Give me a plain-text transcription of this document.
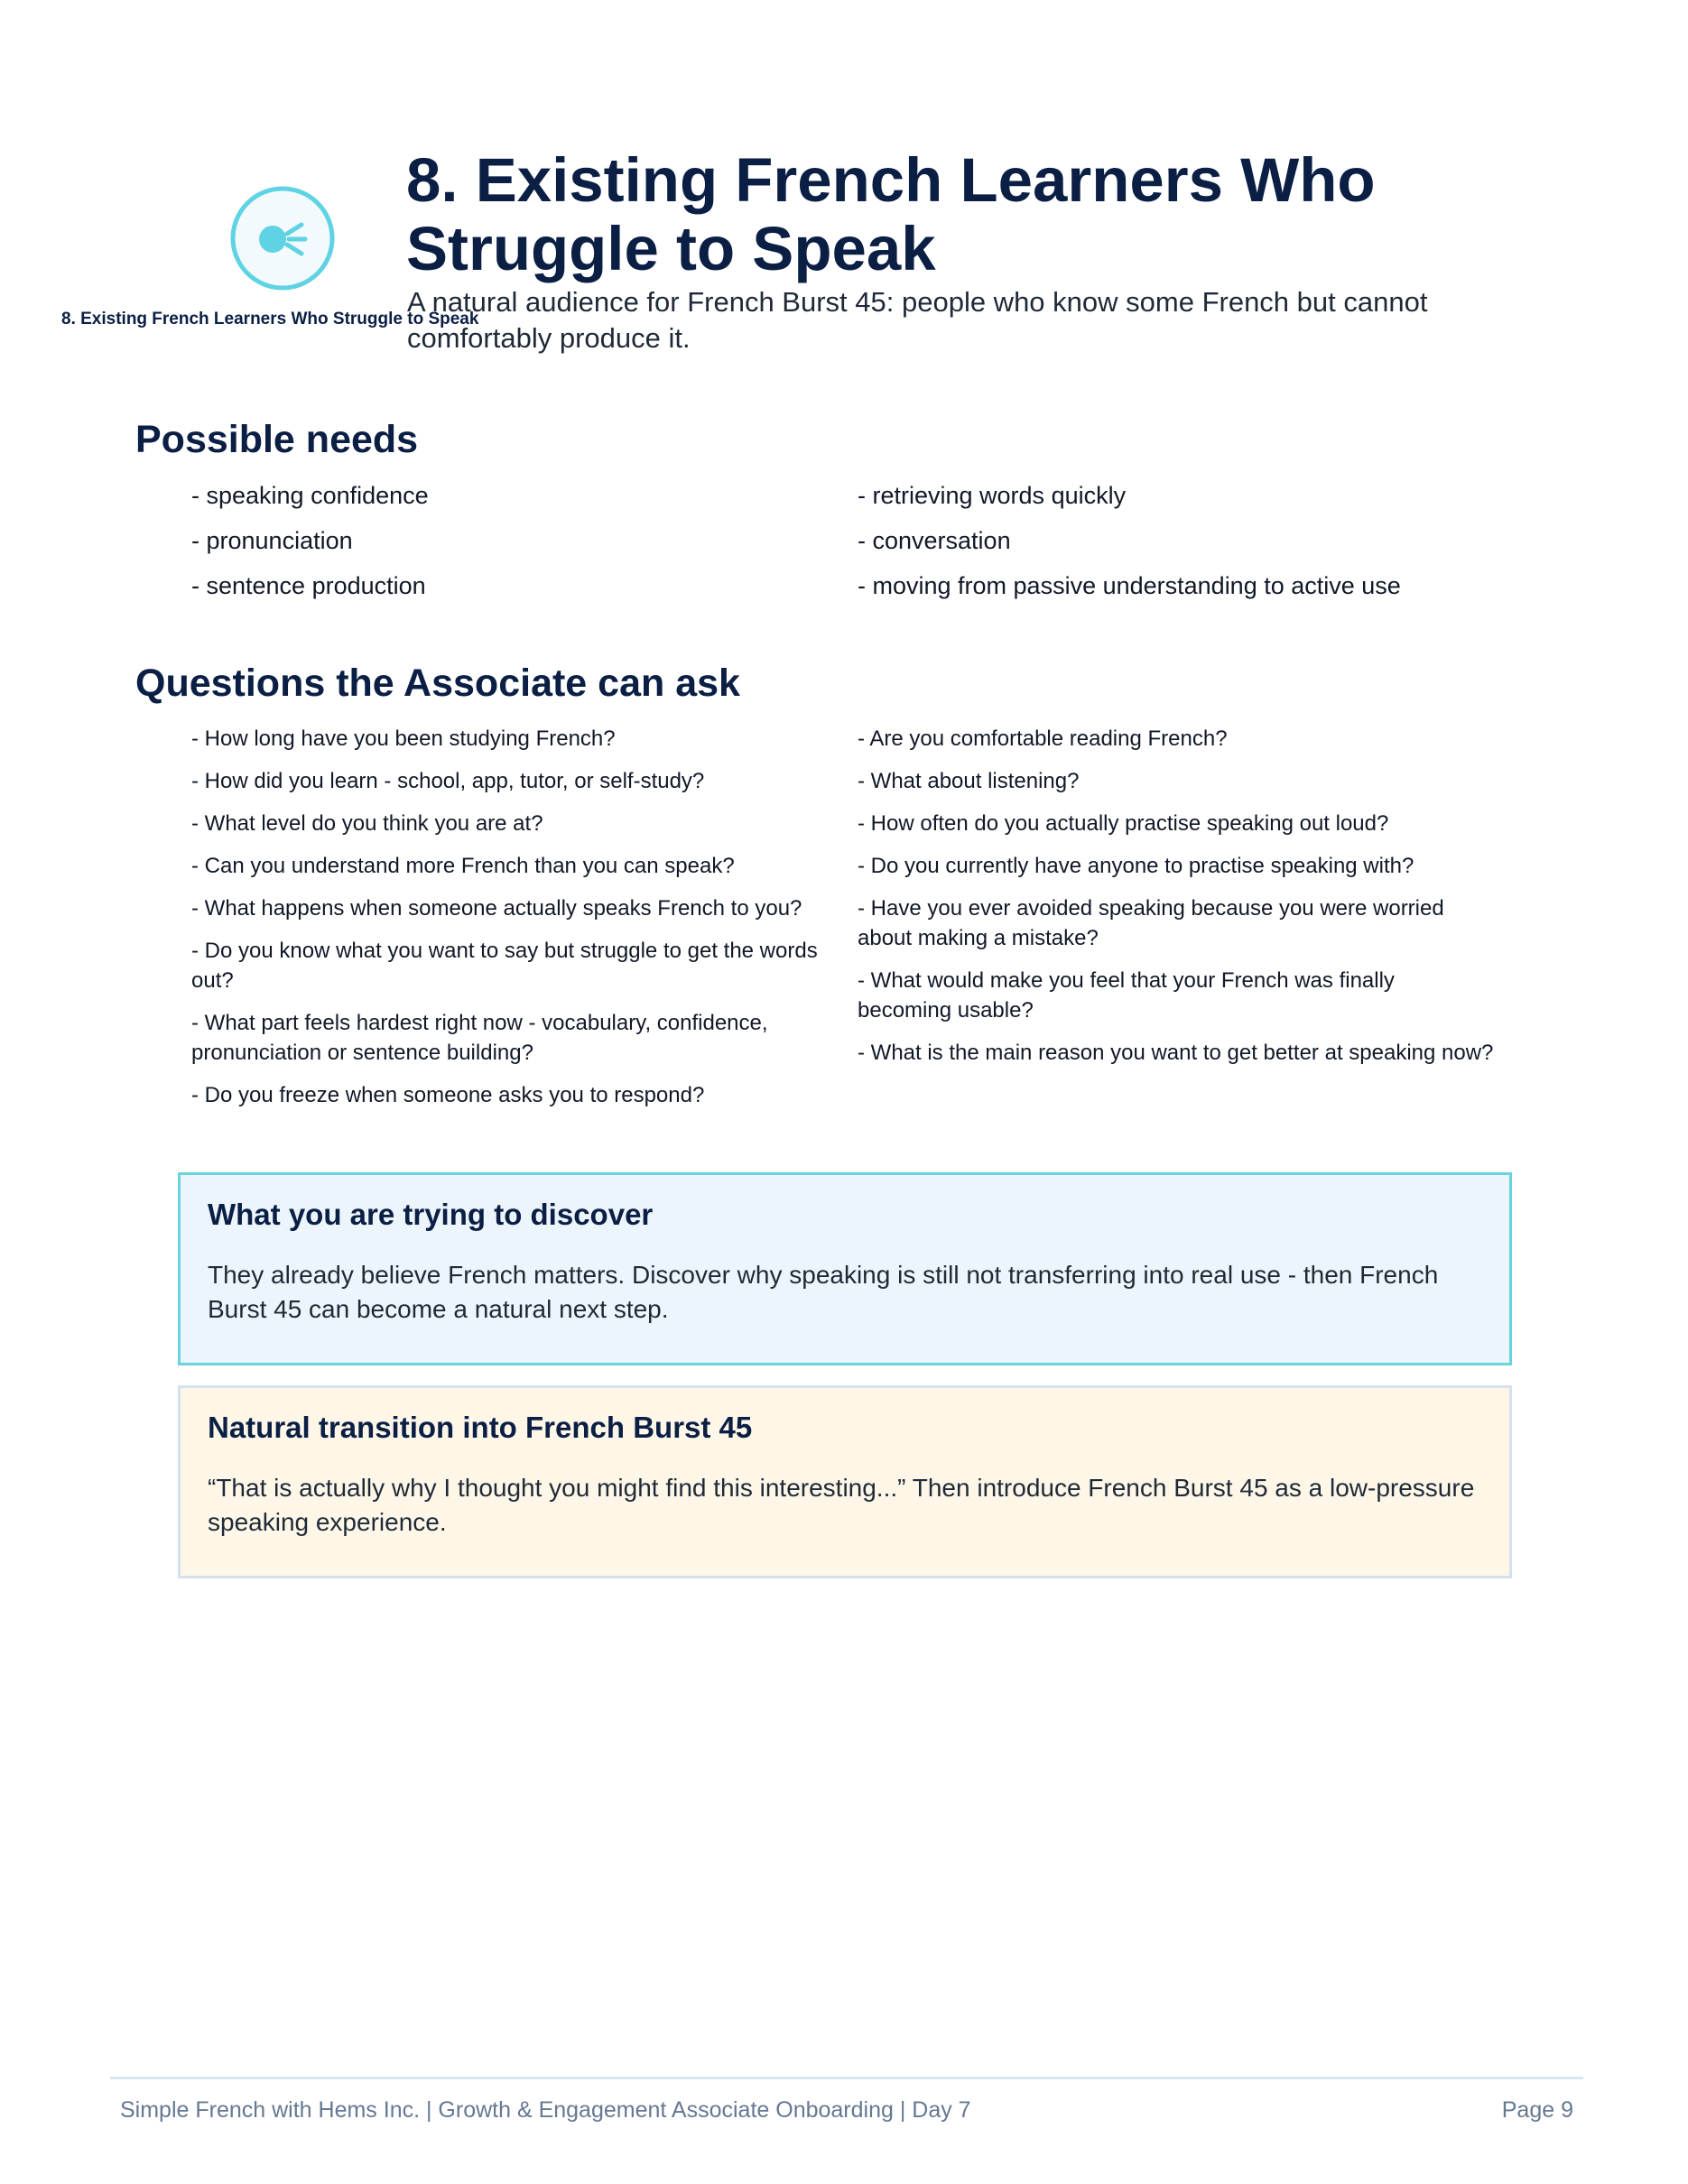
8. Existing French Learners Who Struggle to Speak
8. Existing French Learners Who Struggle to Speak

A natural audience for French Burst 45: people who know some French but cannot comfortably produce it.

Possible needs

- speaking confidence

- pronunciation

- sentence production

- retrieving words quickly

- conversation

- moving from passive understanding to active use

Questions the Associate can ask

- How long have you been studying French?

- How did you learn - school, app, tutor, or self-study?

- What level do you think you are at?

- Can you understand more French than you can speak?

- What happens when someone actually speaks French to you?

- Do you know what you want to say but struggle to get the words out?

- What part feels hardest right now - vocabulary, confidence, pronunciation or sentence building?

- Do you freeze when someone asks you to respond?

- Are you comfortable reading French?

- What about listening?

- How often do you actually practise speaking out loud?

- Do you currently have anyone to practise speaking with?

- Have you ever avoided speaking because you were worried about making a mistake?

- What would make you feel that your French was finally becoming usable?

- What is the main reason you want to get better at speaking now?

What you are trying to discover

They already believe French matters. Discover why speaking is still not transferring into real use - then French Burst 45 can become a natural next step.

Natural transition into French Burst 45

“That is actually why I thought you might find this interesting...” Then introduce French Burst 45 as a low-pressure speaking experience.

Simple French with Hems Inc. | Growth & Engagement Associate Onboarding | Day 7	Page 9
